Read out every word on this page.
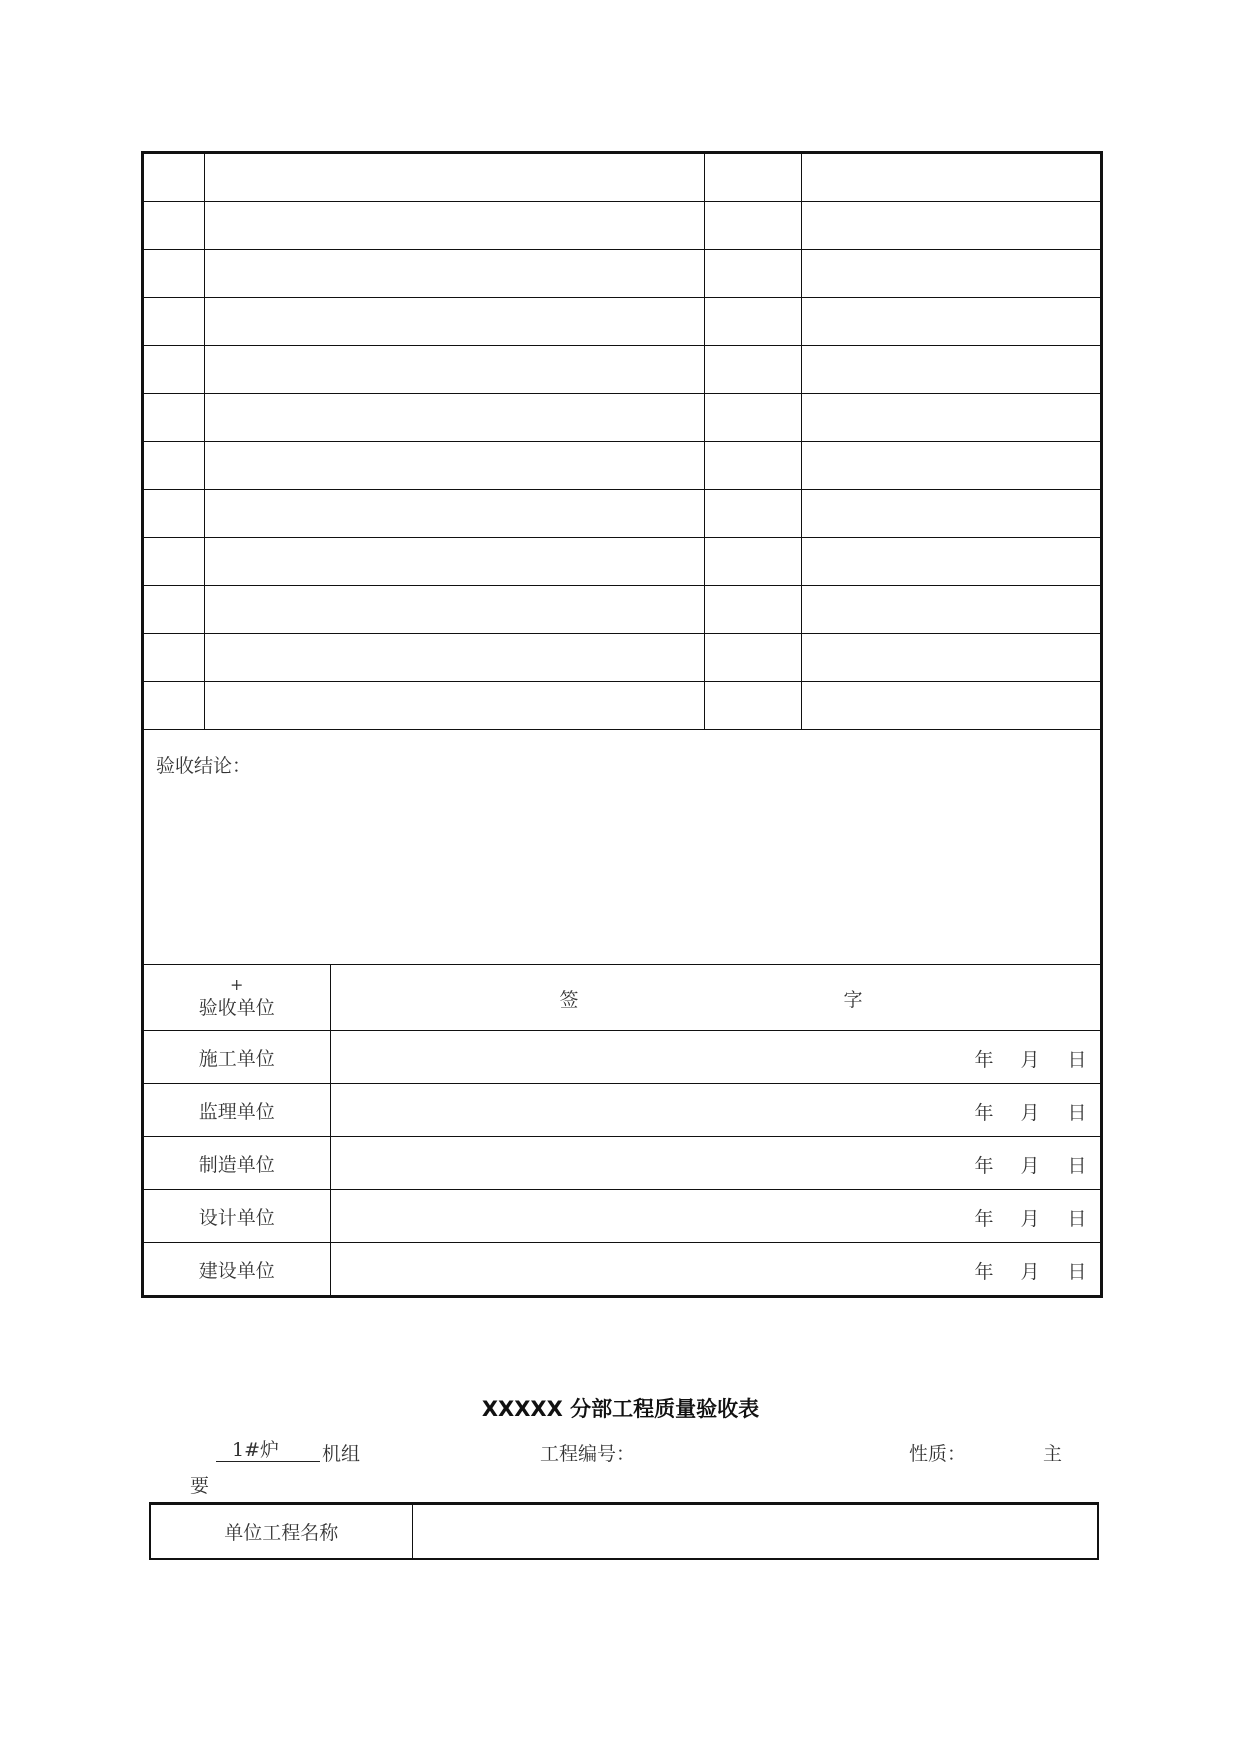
验收结论：

+
验收单位	签	字

施工单位	年 月 日

监理单位	年 月 日

制造单位	年 月 日

设计单位	年 月 日

建设单位	年 月 日
XXXXX 分部工程质量验收表
1#炉	机组	工程编号：	性质：	主
要
单位工程名称	
